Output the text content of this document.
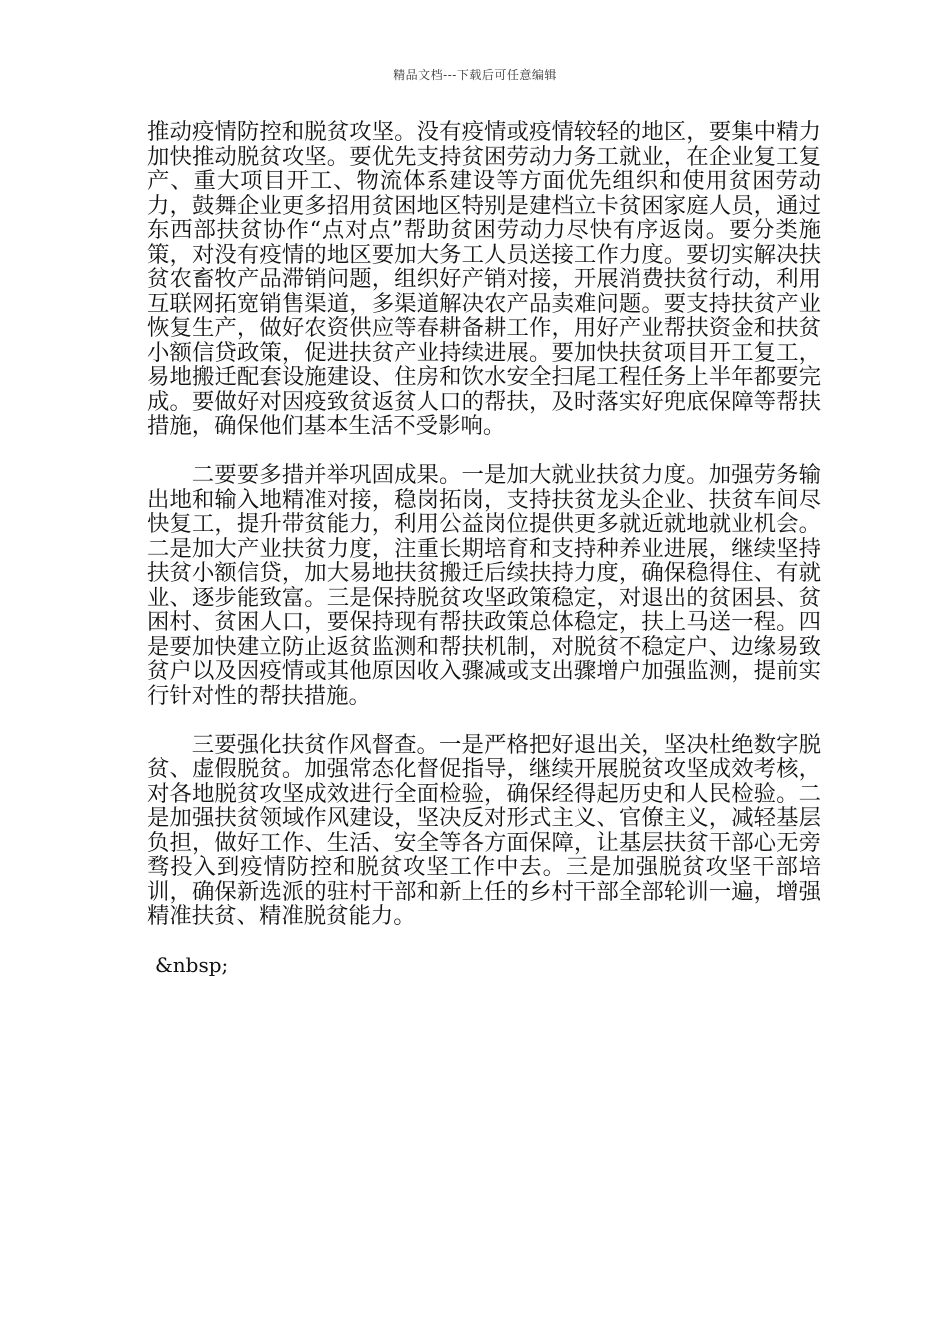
精品文档---下载后可任意编辑

推动疫情防控和脱贫攻坚。没有疫情或疫情较轻的地区，要集中精力加快推动脱贫攻坚。要优先支持贫困劳动力务工就业，在企业复工复产、重大项目开工、物流体系建设等方面优先组织和使用贫困劳动力，鼓舞企业更多招用贫困地区特别是建档立卡贫困家庭人员，通过东西部扶贫协作“点对点”帮助贫困劳动力尽快有序返岗。要分类施策，对没有疫情的地区要加大务工人员送接工作力度。要切实解决扶贫农畜牧产品滞销问题，组织好产销对接，开展消费扶贫行动，利用互联网拓宽销售渠道，多渠道解决农产品卖难问题。要支持扶贫产业恢复生产，做好农资供应等春耕备耕工作，用好产业帮扶资金和扶贫小额信贷政策，促进扶贫产业持续进展。要加快扶贫项目开工复工，易地搬迁配套设施建设、住房和饮水安全扫尾工程任务上半年都要完成。要做好对因疫致贫返贫人口的帮扶，及时落实好兜底保障等帮扶措施，确保他们基本生活不受影响。

二要要多措并举巩固成果。一是加大就业扶贫力度。加强劳务输出地和输入地精准对接，稳岗拓岗，支持扶贫龙头企业、扶贫车间尽快复工，提升带贫能力，利用公益岗位提供更多就近就地就业机会。二是加大产业扶贫力度，注重长期培育和支持种养业进展，继续坚持扶贫小额信贷，加大易地扶贫搬迁后续扶持力度，确保稳得住、有就业、逐步能致富。三是保持脱贫攻坚政策稳定，对退出的贫困县、贫困村、贫困人口，要保持现有帮扶政策总体稳定，扶上马送一程。四是要加快建立防止返贫监测和帮扶机制，对脱贫不稳定户、边缘易致贫户以及因疫情或其他原因收入骤减或支出骤增户加强监测，提前实行针对性的帮扶措施。

三要强化扶贫作风督查。一是严格把好退出关，坚决杜绝数字脱贫、虚假脱贫。加强常态化督促指导，继续开展脱贫攻坚成效考核，对各地脱贫攻坚成效进行全面检验，确保经得起历史和人民检验。二是加强扶贫领域作风建设，坚决反对形式主义、官僚主义，减轻基层负担，做好工作、生活、安全等各方面保障，让基层扶贫干部心无旁骛投入到疫情防控和脱贫攻坚工作中去。三是加强脱贫攻坚干部培训，确保新选派的驻村干部和新上任的乡村干部全部轮训一遍，增强精准扶贫、精准脱贫能力。

&nbsp;
